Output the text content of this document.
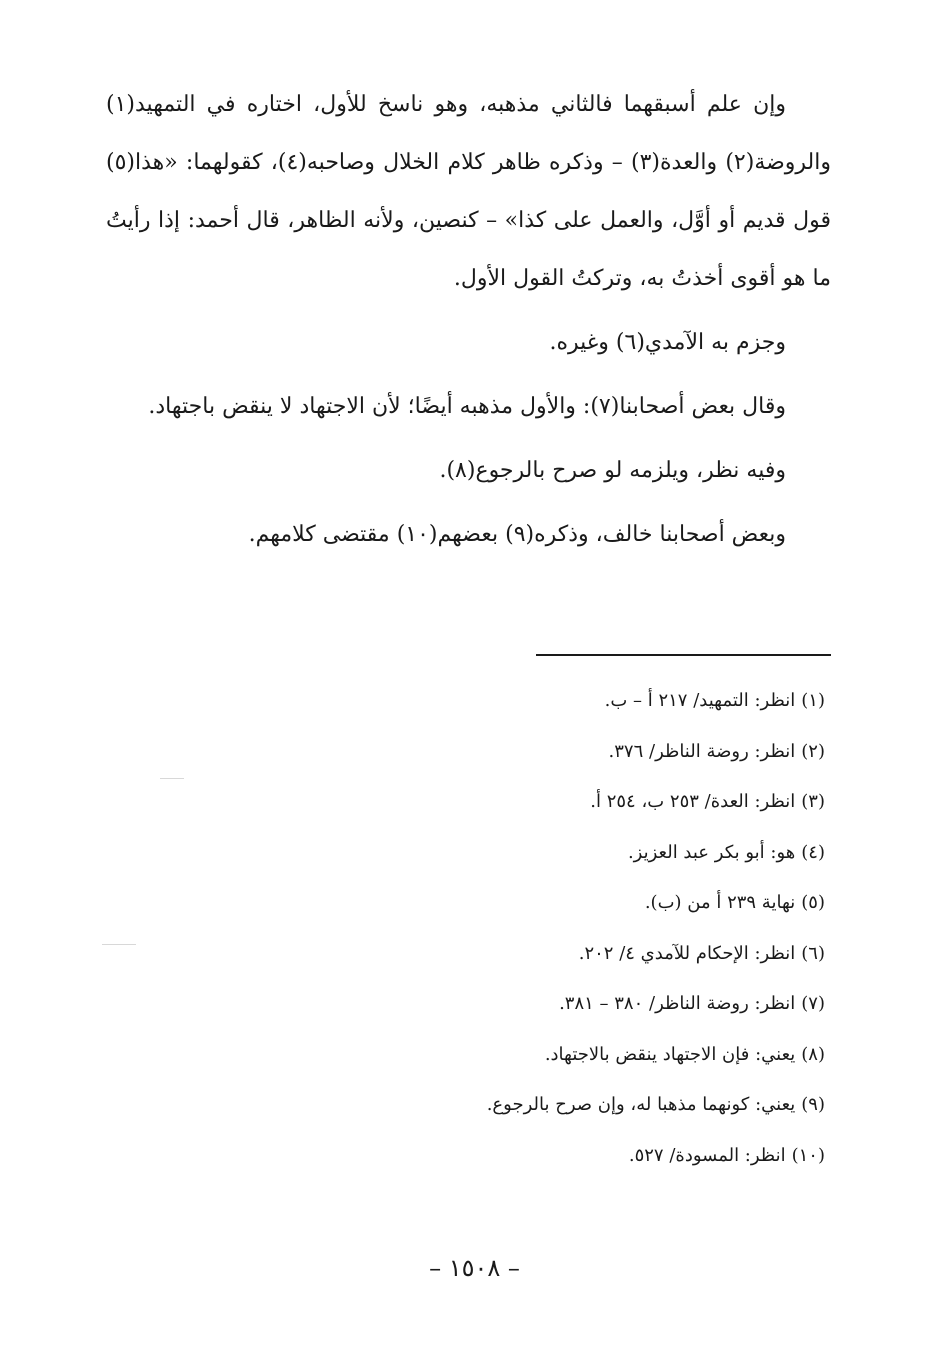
وإن علم أسبقهما فالثاني مذهبه، وهو ناسخ للأول، اختاره في التمهيد(١) والروضة(٢) والعدة(٣) – وذكره ظاهر كلام الخلال وصاحبه(٤)، كقولهما: «هذا(٥) قول قديم أو أوَّل، والعمل على كذا» – كنصين، ولأنه الظاهر، قال أحمد: إذا رأيتُ ما هو أقوى أخذتُ به، وتركتُ القول الأول.

وجزم به الآمدي(٦) وغيره.

وقال بعض أصحابنا(٧): والأول مذهبه أيضًا؛ لأن الاجتهاد لا ينقض باجتهاد.

وفيه نظر، ويلزمه لو صرح بالرجوع(٨).

وبعض أصحابنا خالف، وذكره(٩) بعضهم(١٠) مقتضى كلامهم.

(١)انظر: التمهيد/ ٢١٧ أ – ب.
(٢)انظر: روضة الناظر/ ٣٧٦.
(٣)انظر: العدة/ ٢٥٣ ب، ٢٥٤ أ.
(٤)هو: أبو بكر عبد العزيز.
(٥)نهاية ٢٣٩ أ من (ب).
(٦)انظر: الإحكام للآمدي ٤/ ٢٠٢.
(٧)انظر: روضة الناظر/ ٣٨٠ – ٣٨١.
(٨)يعني: فإن الاجتهاد ينقض بالاجتهاد.
(٩)يعني: كونهما مذهبا له، وإن صرح بالرجوع.
(١٠)انظر: المسودة/ ٥٢٧.
– ١٥٠٨ –
